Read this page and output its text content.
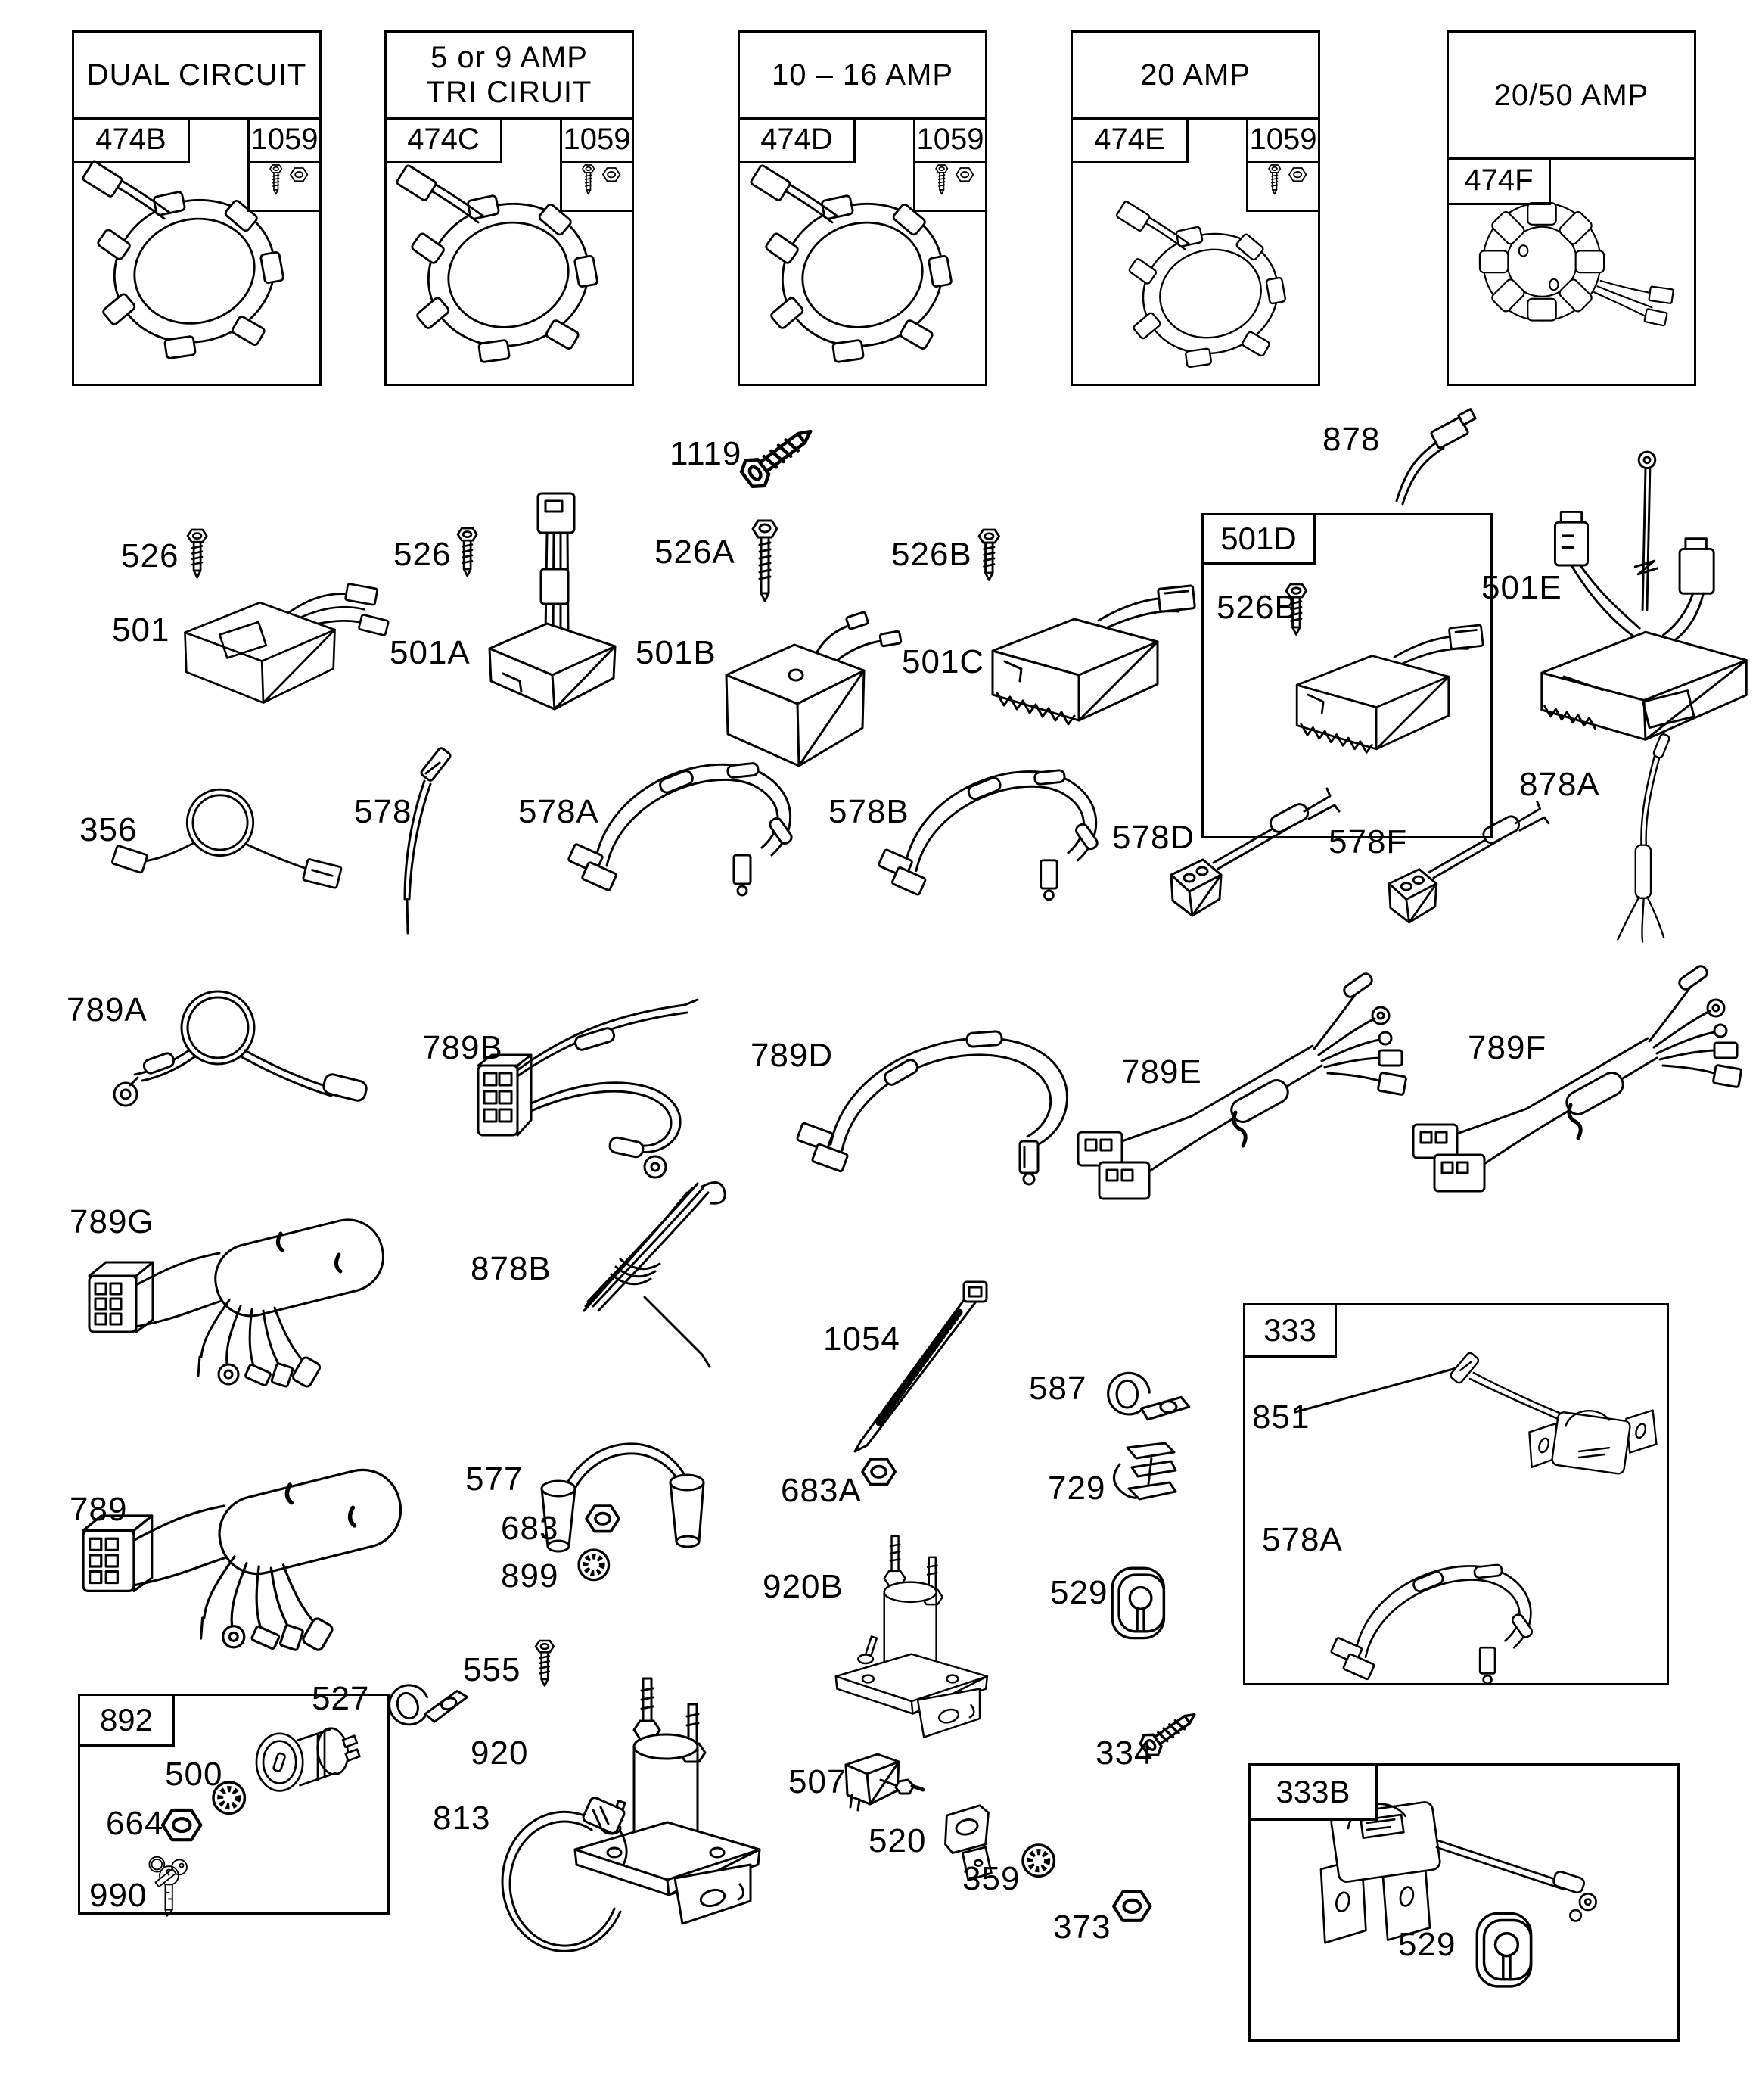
DUAL CIRCUIT
474B	1059
5 or 9 AMP
TRI CIRUIT
474C	1059
10 – 16 AMP
474D	1059
20 AMP
474E	1059
20/50 AMP
474F
501D
333
892
333B
1119	878
526
501
526
501A
526A
501B
526B
501C
526B
501E
356	578	578A	578B
578D	578F
878A
789A
789B	789D	789E
789F
789G
878B
1054
587
851
578A
789
577
683
899
683A	729
920B	529
555
527
920	334
500
664
990
813
507
520
359
373	529
